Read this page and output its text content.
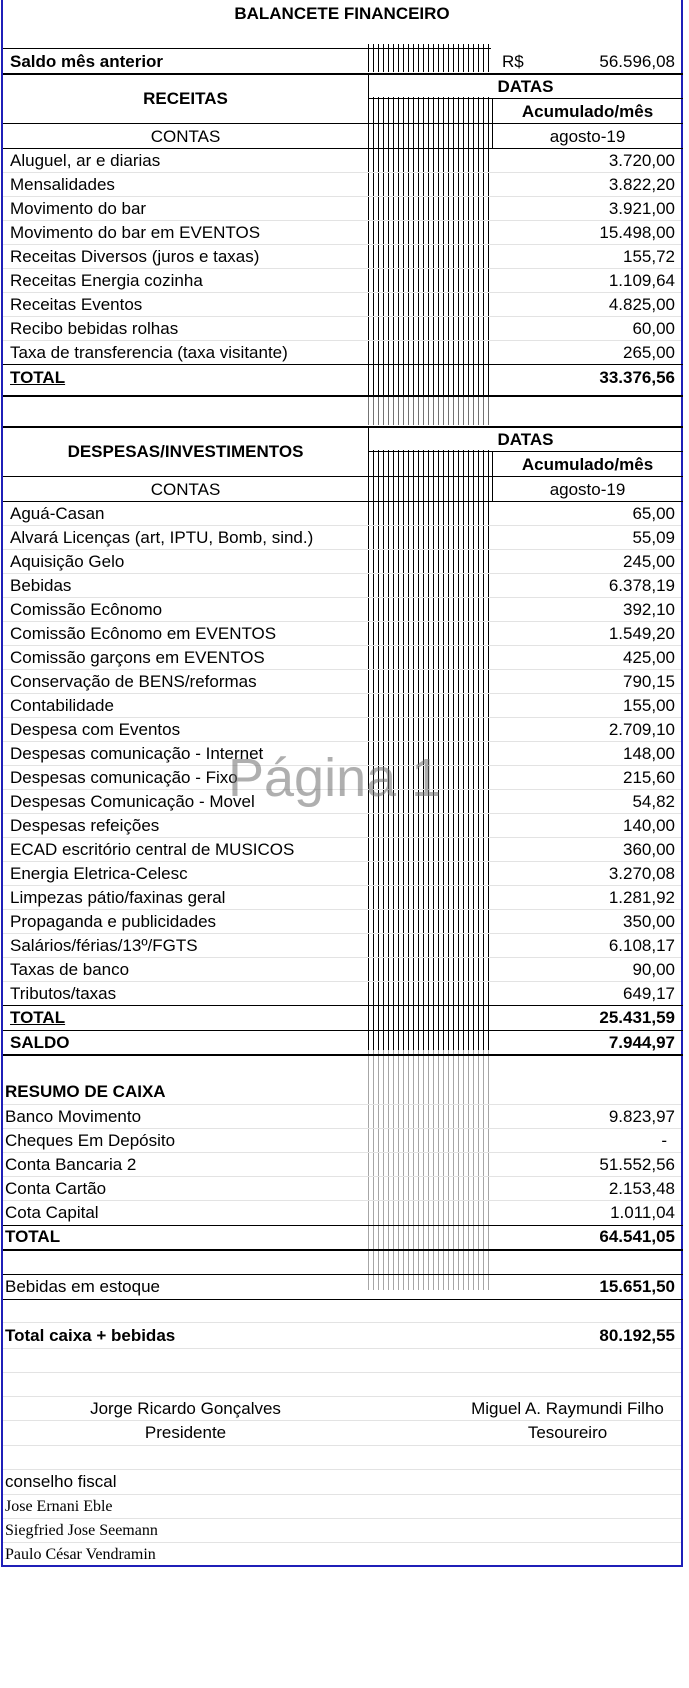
BALANCETE FINANCEIRO
Saldo mês anterior	R$	56.596,08
RECEITAS
DATAS
Acumulado/mês
CONTAS	agosto-19
Aluguel, ar e diarias	3.720,00
Mensalidades	3.822,20
Movimento do bar	3.921,00
Movimento do bar em EVENTOS	15.498,00
Receitas Diversos (juros e taxas)	155,72
Receitas Energia cozinha	1.109,64
Receitas Eventos	4.825,00
Recibo bebidas rolhas	60,00
Taxa de transferencia (taxa visitante)	265,00
TOTAL	33.376,56
DESPESAS/INVESTIMENTOS
DATAS
Acumulado/mês
CONTAS	agosto-19
Aguá-Casan	65,00
Alvará Licenças (art, IPTU, Bomb, sind.)	55,09
Aquisição Gelo	245,00
Bebidas	6.378,19
Comissão Ecônomo	392,10
Comissão Ecônomo em EVENTOS	1.549,20
Comissão garçons em EVENTOS	425,00
Conservação de BENS/reformas	790,15
Contabilidade	155,00
Despesa com Eventos	2.709,10
Despesas comunicação - Internet	148,00
Despesas comunicação - Fixo	215,60
Despesas Comunicação - Movel	54,82
Despesas refeições	140,00
ECAD escritório central de MUSICOS	360,00
Energia Eletrica-Celesc	3.270,08
Limpezas pátio/faxinas geral	1.281,92
Propaganda e publicidades	350,00
Salários/férias/13º/FGTS	6.108,17
Taxas de banco	90,00
Tributos/taxas	649,17
TOTAL	25.431,59
SALDO	7.944,97
RESUMO DE CAIXA
Banco Movimento	9.823,97
Cheques Em Depósito	-
Conta Bancaria 2	51.552,56
Conta Cartão	2.153,48
Cota Capital	1.011,04
TOTAL	64.541,05
Bebidas em estoque	15.651,50
Total caixa + bebidas	80.192,55
Jorge Ricardo Gonçalves	Miguel A. Raymundi Filho
Presidente	Tesoureiro
conselho fiscal
Jose Ernani Eble
Siegfried Jose Seemann
Paulo César Vendramin
Página 1
